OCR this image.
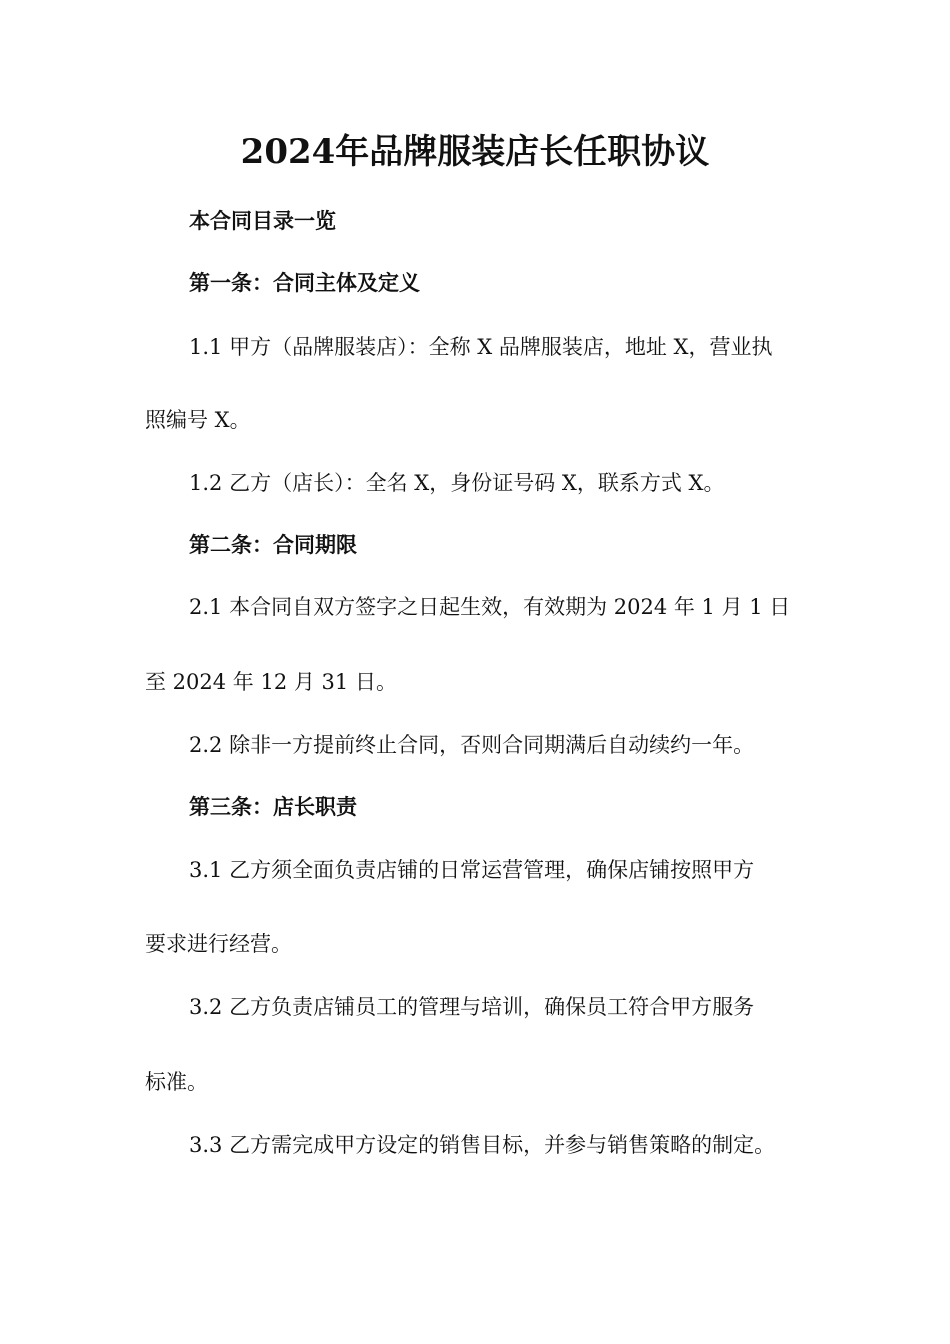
2024年品牌服装店长任职协议
本合同目录一览
第一条：合同主体及定义
1.1 甲方（品牌服装店）：全称 X 品牌服装店，地址 X，营业执
照编号 X。
1.2 乙方（店长）：全名 X，身份证号码 X，联系方式 X。
第二条：合同期限
2.1 本合同自双方签字之日起生效，有效期为 2024 年 1 月 1 日
至 2024 年 12 月 31 日。
2.2 除非一方提前终止合同，否则合同期满后自动续约一年。
第三条：店长职责
3.1 乙方须全面负责店铺的日常运营管理，确保店铺按照甲方
要求进行经营。
3.2 乙方负责店铺员工的管理与培训，确保员工符合甲方服务
标准。
3.3 乙方需完成甲方设定的销售目标，并参与销售策略的制定。
